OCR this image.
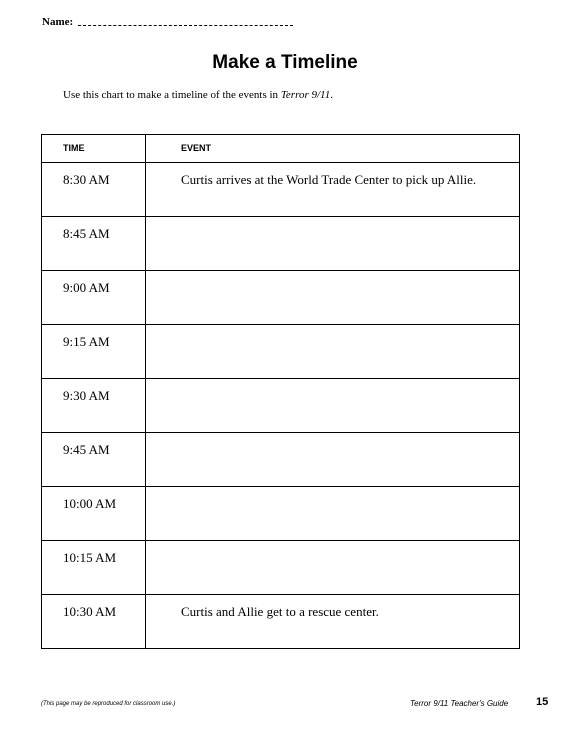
Name:
Make a Timeline
Use this chart to make a timeline of the events in Terror 9/11.
TIME	EVENT

8:30 AM	Curtis arrives at the World Trade Center to pick up Allie.

8:45 AM	

9:00 AM	

9:15 AM	

9:30 AM	

9:45 AM	

10:00 AM	

10:15 AM	

10:30 AM	Curtis and Allie get to a rescue center.
(This page may be reproduced for classroom use.)	Terror 9/11 Teacher's Guide	15
